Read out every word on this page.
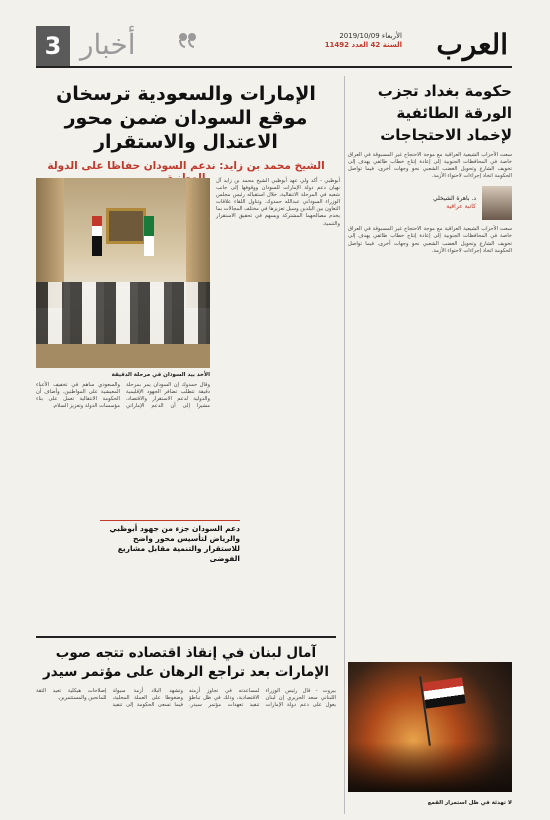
العرب
الأربعاء 2019/10/09
السنة 42 العدد 11492
أخبار
3
حكومة بغداد تجزب الورقة الطائفية لإخماد الاحتجاجات
سعت الأحزاب الشيعية العراقية مع موجة الاحتجاج غير المسبوقة في العراق خاصة في المحافظات الجنوبية إلى إعادة إنتاج خطاب طائفي يهدف إلى تخويف الشارع وتحويل الغضب الشعبي نحو وجهات أخرى، فيما تواصل الحكومة اتخاذ إجراءات لاحتواء الأزمة.
د. باهرة الشيخلي
كاتبة عراقية
سعت الأحزاب الشيعية العراقية مع موجة الاحتجاج غير المسبوقة في العراق خاصة في المحافظات الجنوبية إلى إعادة إنتاج خطاب طائفي يهدف إلى تخويف الشارع وتحويل الغضب الشعبي نحو وجهات أخرى، فيما تواصل الحكومة اتخاذ إجراءات لاحتواء الأزمة.
لا تهدئة في ظل استمرار القمع
الإمارات والسعودية ترسخان موقع السودان ضمن محور الاعتدال والاستقرار
الشيخ محمد بن زايد: ندعم السودان حفاظا على الدولة
الأخذ بيد السودان في مرحلة الدقيقة
أبوظبي - أكد ولي عهد أبوظبي الشيخ محمد بن زايد آل نهيان دعم دولة الإمارات للسودان ووقوفها إلى جانب شعبه في المرحلة الانتقالية، خلال استقباله رئيس مجلس الوزراء السوداني عبدالله حمدوك. وتناول اللقاء علاقات التعاون بين البلدين وسبل تعزيزها في مختلف المجالات بما يخدم مصالحهما المشتركة ويسهم في تحقيق الاستقرار والتنمية.
وقال حمدوك إن السودان يمر بمرحلة دقيقة تتطلب تضافر الجهود الإقليمية والدولية لدعم الاستقرار والاقتصاد، مشيرا إلى أن الدعم الإماراتي والسعودي ساهم في تخفيف الأعباء المعيشية على المواطنين. وأضاف أن الحكومة الانتقالية تعمل على بناء مؤسسات الدولة وتعزيز السلام.
دعم السودان جزء من جهود أبوظبي والرياض لتأسيس محور واضح للاستقرار والتنمية مقابل مشاريع الفوضى
آمال لبنان في إنقاذ اقتصاده تتجه صوب الإمارات بعد تراجع الرهان على مؤتمر سيدر
بيروت - قال رئيس الوزراء اللبناني سعد الحريري إن لبنان يعول على دعم دولة الإمارات لمساعدته في تجاوز أزمته الاقتصادية، وذلك في ظل تباطؤ تنفيذ تعهدات مؤتمر سيدر. وتشهد البلاد أزمة سيولة وضغوطا على العملة المحلية، فيما تسعى الحكومة إلى تنفيذ إصلاحات هيكلية تعيد الثقة للمانحين والمستثمرين.
